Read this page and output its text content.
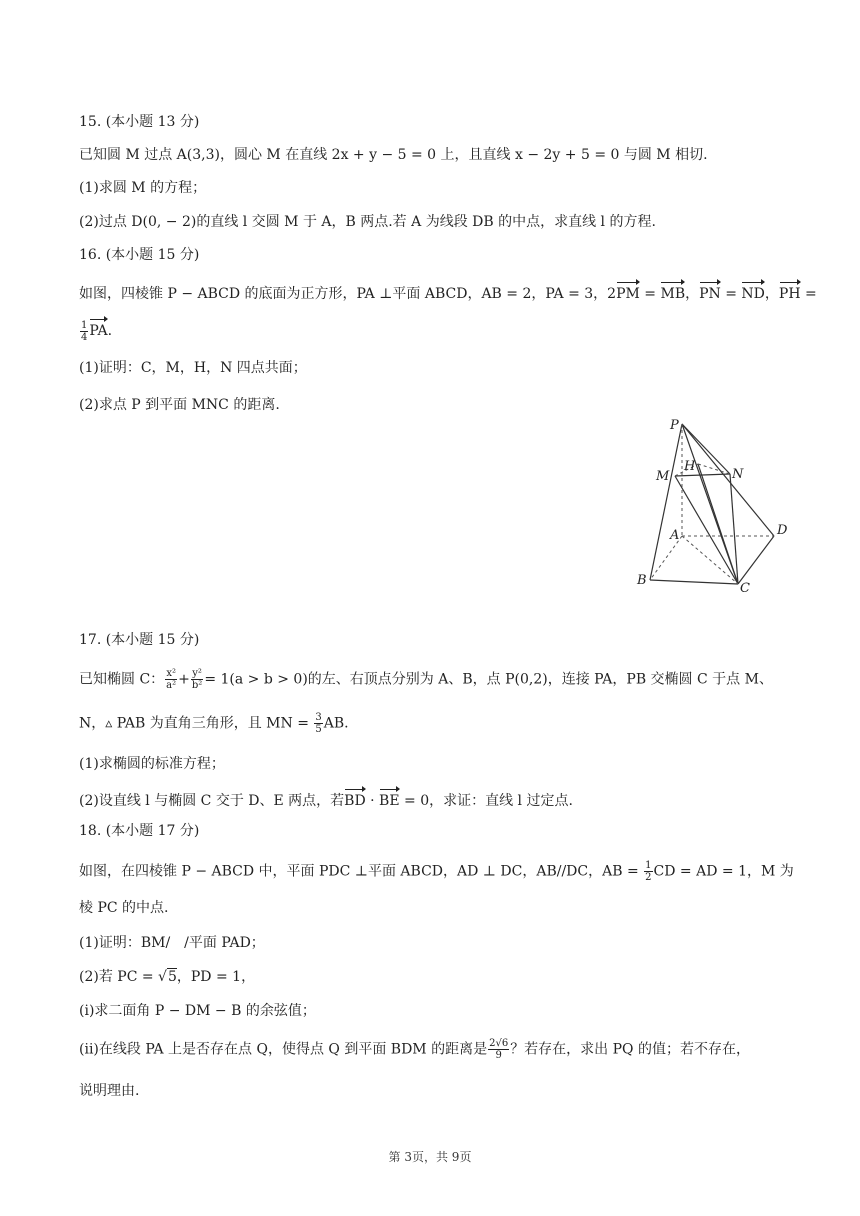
15. (本小题 13 分)
已知圆 M 过点 A(3,3)，圆心 M 在直线 2x + y − 5 = 0 上，且直线 x − 2y + 5 = 0 与圆 M 相切.
(1)求圆 M 的方程；
(2)过点 D(0, − 2)的直线 l 交圆 M 于 A，B 两点.若 A 为线段 DB 的中点，求直线 l 的方程.
16. (本小题 15 分)
如图，四棱锥 P − ABCD 的底面为正方形，PA ⊥平面 ABCD，AB = 2，PA = 3，2PM = MB，PN = ND，PH =
$\frac{1}{4}$ PA.
(1)证明：C，M，H，N 四点共面；
(2)求点 P 到平面 MNC 的距离.
P
H
M	N
A	D
B
C
17. (本小题 15 分)
已知椭圆 C： $\frac{\text{x²}}{\text{a²}} + \frac{\text{y²}}{\text{b²}} = 1(a > b > 0)$的左、右顶点分别为 A、B，点 P(0,2)，连接 PA，PB 交椭圆 C 于点 M、
N，▵ PAB 为直角三角形，且 MN = $\frac{3}{5}$ AB.
(1)求椭圆的标准方程；
(2)设直线 l 与椭圆 C 交于 D、E 两点，若BD · BE = 0，求证：直线 l 过定点.
18. (本小题 17 分)
如图，在四棱锥 P − ABCD 中，平面 PDC ⊥平面 ABCD，AD ⊥ DC，AB//DC，AB = $\frac{1}{2}$ CD = AD = 1，M 为
棱 PC 的中点.
(1)证明：BM/　/平面 PAD；
(2)若 PC = √5，PD = 1，
(i)求二面角 P − DM − B 的余弦值；
(ii)在线段 PA 上是否存在点 Q，使得点 Q 到平面 BDM 的距离是 $\frac{2√6}{9}$ ？若存在，求出 PQ 的值；若不存在，
说明理由.
第 3页，共 9页
